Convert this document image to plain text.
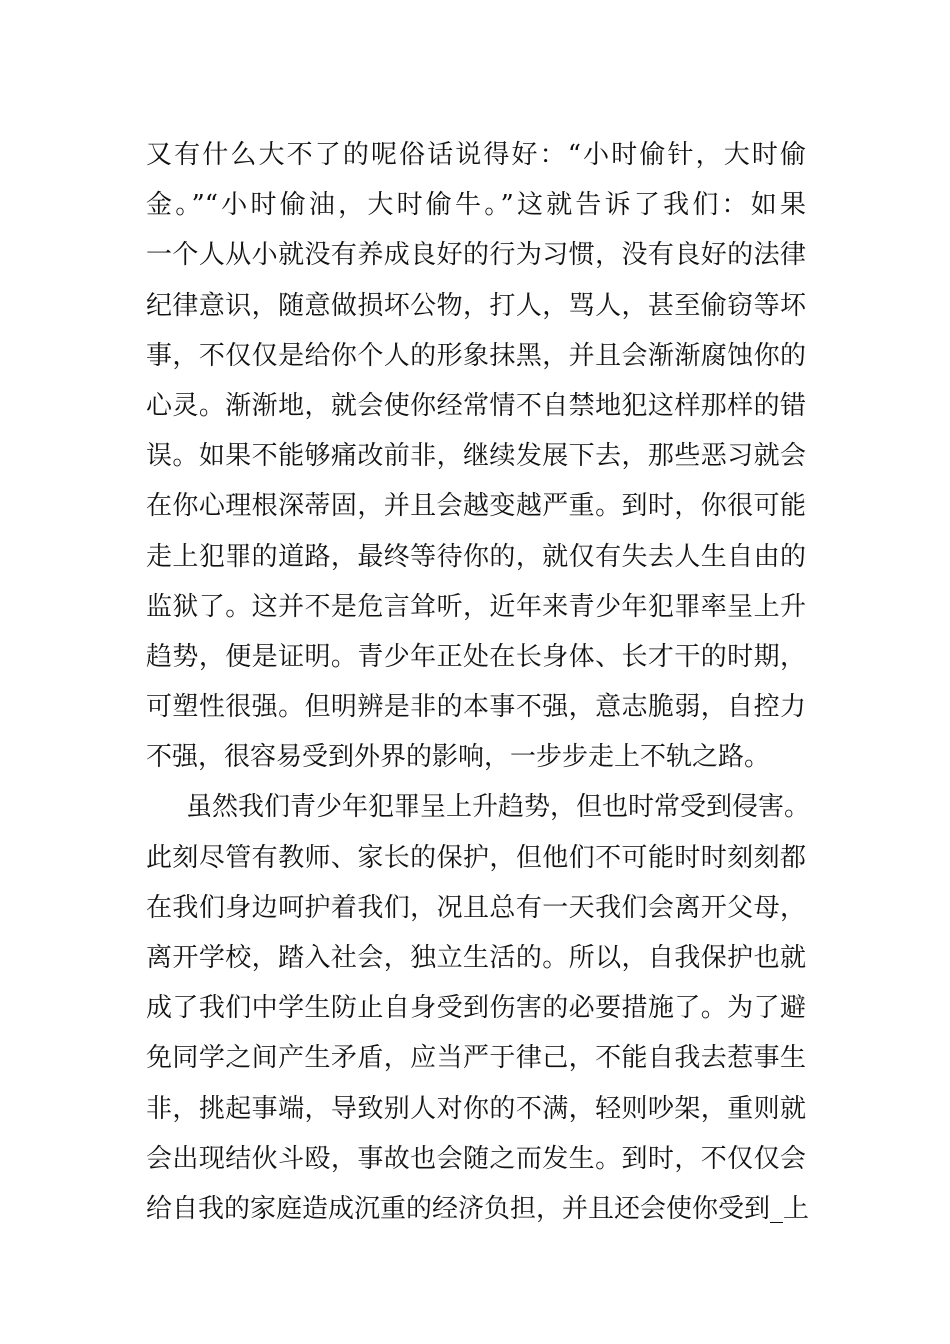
又有什么大不了的呢俗话说得好：“小时偷针，大时偷
金。”“小时偷油，大时偷牛。”这就告诉了我们：如果
一个人从小就没有养成良好的行为习惯，没有良好的法律
纪律意识，随意做损坏公物，打人，骂人，甚至偷窃等坏
事，不仅仅是给你个人的形象抹黑，并且会渐渐腐蚀你的
心灵。渐渐地，就会使你经常情不自禁地犯这样那样的错
误。如果不能够痛改前非，继续发展下去，那些恶习就会
在你心理根深蒂固，并且会越变越严重。到时，你很可能
走上犯罪的道路，最终等待你的，就仅有失去人生自由的
监狱了。这并不是危言耸听，近年来青少年犯罪率呈上升
趋势，便是证明。青少年正处在长身体、长才干的时期，
可塑性很强。但明辨是非的本事不强，意志脆弱，自控力
不强，很容易受到外界的影响，一步步走上不轨之路。
虽然我们青少年犯罪呈上升趋势，但也时常受到侵害。
此刻尽管有教师、家长的保护，但他们不可能时时刻刻都
在我们身边呵护着我们，况且总有一天我们会离开父母，
离开学校，踏入社会，独立生活的。所以，自我保护也就
成了我们中学生防止自身受到伤害的必要措施了。为了避
免同学之间产生矛盾，应当严于律己，不能自我去惹事生
非，挑起事端，导致别人对你的不满，轻则吵架，重则就
会出现结伙斗殴，事故也会随之而发生。到时，不仅仅会
给自我的家庭造成沉重的经济负担，并且还会使你受到_上
